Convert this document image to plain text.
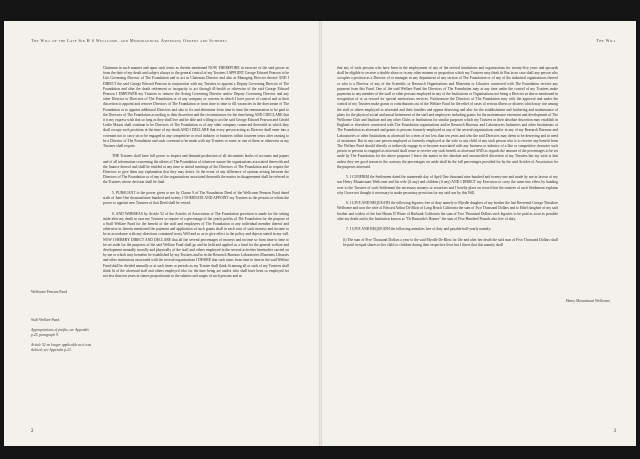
The Will of the Late Sir H S Wellcome, and Memorandum, Amending Orders and Schemes
Wellcome Pension Fund
Staff Welfare Fund.
Appropriations of profits, see Appendix p.25, paragraph 9.
Article 52 no longer applicable as it was deleted; see Appendix p.23.

Chairman in such manner and upon such terms as therein mentioned NOW THEREFORE in exercise of the said power as from the date of my death and subject always to the general control of my Trustees I APPOINT George Edward Pearson to be Life Governing Director of The Foundation and to act as Chairman Director and also as Managing Director thereof AND I DIRECT the said George Edward Pearson in conjunction with my Trustees to appoint a Deputy Governing Director of The Foundation and after the death retirement or incapacity to act through ill-health or otherwise of the said George Edward Pearson I EMPOWER my Trustees to remove the Acting Governing Director and/or Deputy Governing Director and any other Director or Directors of The Foundation or of any company or concern in which I have power of control and at their discretion to appoint and remove Directors of The Foundation or from time to time to fill vacancies in the directorate of The Foundation or to appoint additional Directors and also to fix and determine from time to time the remuneration to be paid to the Directors of The Foundation according to their discretion and the circumstances for the time being AND I DECLARE that it is my express wish that so long as they shall live and be able and willing to act the said George Edward Pearson and Gerald Leslie Mason shall continue to be Directors of The Foundation or of any other company connected therewith in which they shall occupy such positions at the time of my death AND I DECLARE that every person acting as Director shall enter into a covenant not to carry on or be engaged in any competitive or rival industry or business within fourteen years after ceasing to be a Director of The Foundation and such covenant to be made with my Trustees or some or one of them or otherwise as my Trustees shall require.

THE Trustees shall have full power to inspect and demand production of all documents books of accounts and papers and of all information concerning the affairs of The Foundation of whatever nature the organisations associated therewith and the finance thereof and shall be entitled at any time to attend meetings of the Directors of The Foundation and to require the Directors to give them any explanation that they may desire. In the event of any difference of opinion arising between the Directors of The Foundation or of any of the organisations associated therewith the matter in disagreement shall be referred to the Trustees whose decision shall be final.

5. PURSUANT to the power given to me by Clause 9 of The Foundation Deed of the Wellcome Pension Fund dated sixth of June One thousand nine hundred and twenty I NOMINATE AND APPOINT my Trustees as the persons in whom the power to appoint new Trustees of that Deed shall be vested.

6. AND WHEREAS by Article 52 of the Articles of Association of The Foundation provision is made for the setting aside after my death in case my Trustees so require of a percentage of the yearly profits of The Foundation for the purpose of a Staff Welfare Fund for the benefit of the staff and employees of The Foundation or any individual member thereof and otherwise as therein mentioned the payment and application of such grants shall in each case of such moneys and income to be in accordance with any directions contained in my Will and so as to give effect to the policy and objects stated in my will. NOW I HEREBY DIRECT AND DECLARE that all the several percentages of moneys and income so from time to time to be set aside for the purposes of the said Welfare Fund shall go and be held and applied as a fund for the general welfare and development mentally morally and physically of the staff and others employed in the several activities hereinafter carried on by me or which may hereafter be established by my Trustees and/or in the Research Bureaux Laboratories Museums Libraries and other institutions associated with the several organisations I DESIRE that such sums from time to time in the said Welfare Fund shall be divided annually or at such times or periods as my Trustee shall think fit among all or such of my Trustees shall think fit of the aforesaid staff and others employed who for the time being are and/or who shall have been so employed for not less than ten years in shares proportionate to the salaries and wages of such persons and as

2
The Will
Henry Mountstuart Wellcome.

that any of such persons who have been in the employment of any of the several institutions and organisations for twenty-five years and upwards shall be eligible to receive a double share or in any other manner or proportion which my Trustees may think fit But in no case shall any person who occupies a position as a Director of or manager in any department of any section of The Foundation or of any of the industrial organisations thereof or who is a Director of any of the Scientific or Research Organisations and Museums or Libraries connected with The Foundation receive any payment from this Fund. One of the said Welfare Fund the Directors of The Foundation may at any time under the control of my Trustees make payments to any member of the staff or other persons employed in any of the Institutions or Organisations not being a Director as above mentioned in recognition of or as reward for special meritorious services. Furthermore the Directors of The Foundation may with the approval and under the control of my Trustees make grants or contributions out of the Welfare Fund for the relief of cases of serious illness or distress which may rise among the staff or others employed as aforesaid and their families and appear deserving and also for the establishment and furthering and maintenance of plans for the physical social and moral betterment of the staff and employees including grants for the maintenance extension and development of The Wellcome Club and Institute and any other Clubs or Institutions for similar purposes which my Trustees in their absolute discretion may establish in England or elsewhere connected with The Foundation organisations and/or Research Bureaux and Laboratories Industries and other Institutions of The Foundation as aforesaid and grants to persons formerly employed in any of the several organisations and/or in any of my Research Bureaux and Laboratories or other Institutions as aforesaid for a term of not less than ten years and who the said Directors may deem to be deserving and in need of assistance. But in any case person employed or formerly employed or the wife or any child of any such person who is to receive any benefit from The Welfare Fund should directly or indirectly engage in or become associated with any business or industry of a like or competitive character such person or persons so engaged as aforesaid shall cease to receive any such benefit as aforesaid AND as regards the amount of the percentages to be set aside by The Foundation for the above purposes I leave the matter in the absolute and uncontrolled discretion of my Trustees but my wish is that unless they see good reason to the contrary the percentages set aside shall be the full percentages provided for by the said Articles of Association for the purposes aforesaid.

5. I CONFIRM the Settlement dated the nineteenth day of April One thousand nine hundred and twenty-one and made by me in favour of my son Henry Mountstuart Wellcome and his wife (if any) and children (if any) AND I DIRECT my Executors to carry the same into effect by handing over to the Trustees of such Settlement the necessary moneys or securities and I hereby place on record that the trustees of such Settlement explains why I have not thought it necessary to make pecuniary provision for my said son by this Will.

6. I GIVE AND BEQUEATH the following legacies free of duty namely to Myrdle daughter of my brother the late Reverend George Theodore Wellcome and now the wife of Edward Arthur De Blois of Long Beach California the sum of Two Thousand Dollars and to Ethel daughter of my said brother and widow of the late Hiram D Winer of Burbank California the sum of Two Thousand Dollars such legacies to be paid as soon as possible after my death and to the Institution known as "Dr Barnardo's Homes" the sum of Five Hundred Pounds also free of duty.

7. I GIVE AND BEQUEATH the following annuities free of duty and payable half-yearly namely:

(i) The sum of Five Thousand Dollars a year to the said Myrdle De Blois for life and after her death the said sum of Five Thousand Dollars shall be paid in equal shares to her child or children during their respective lives but I direct that this annuity shall

3
